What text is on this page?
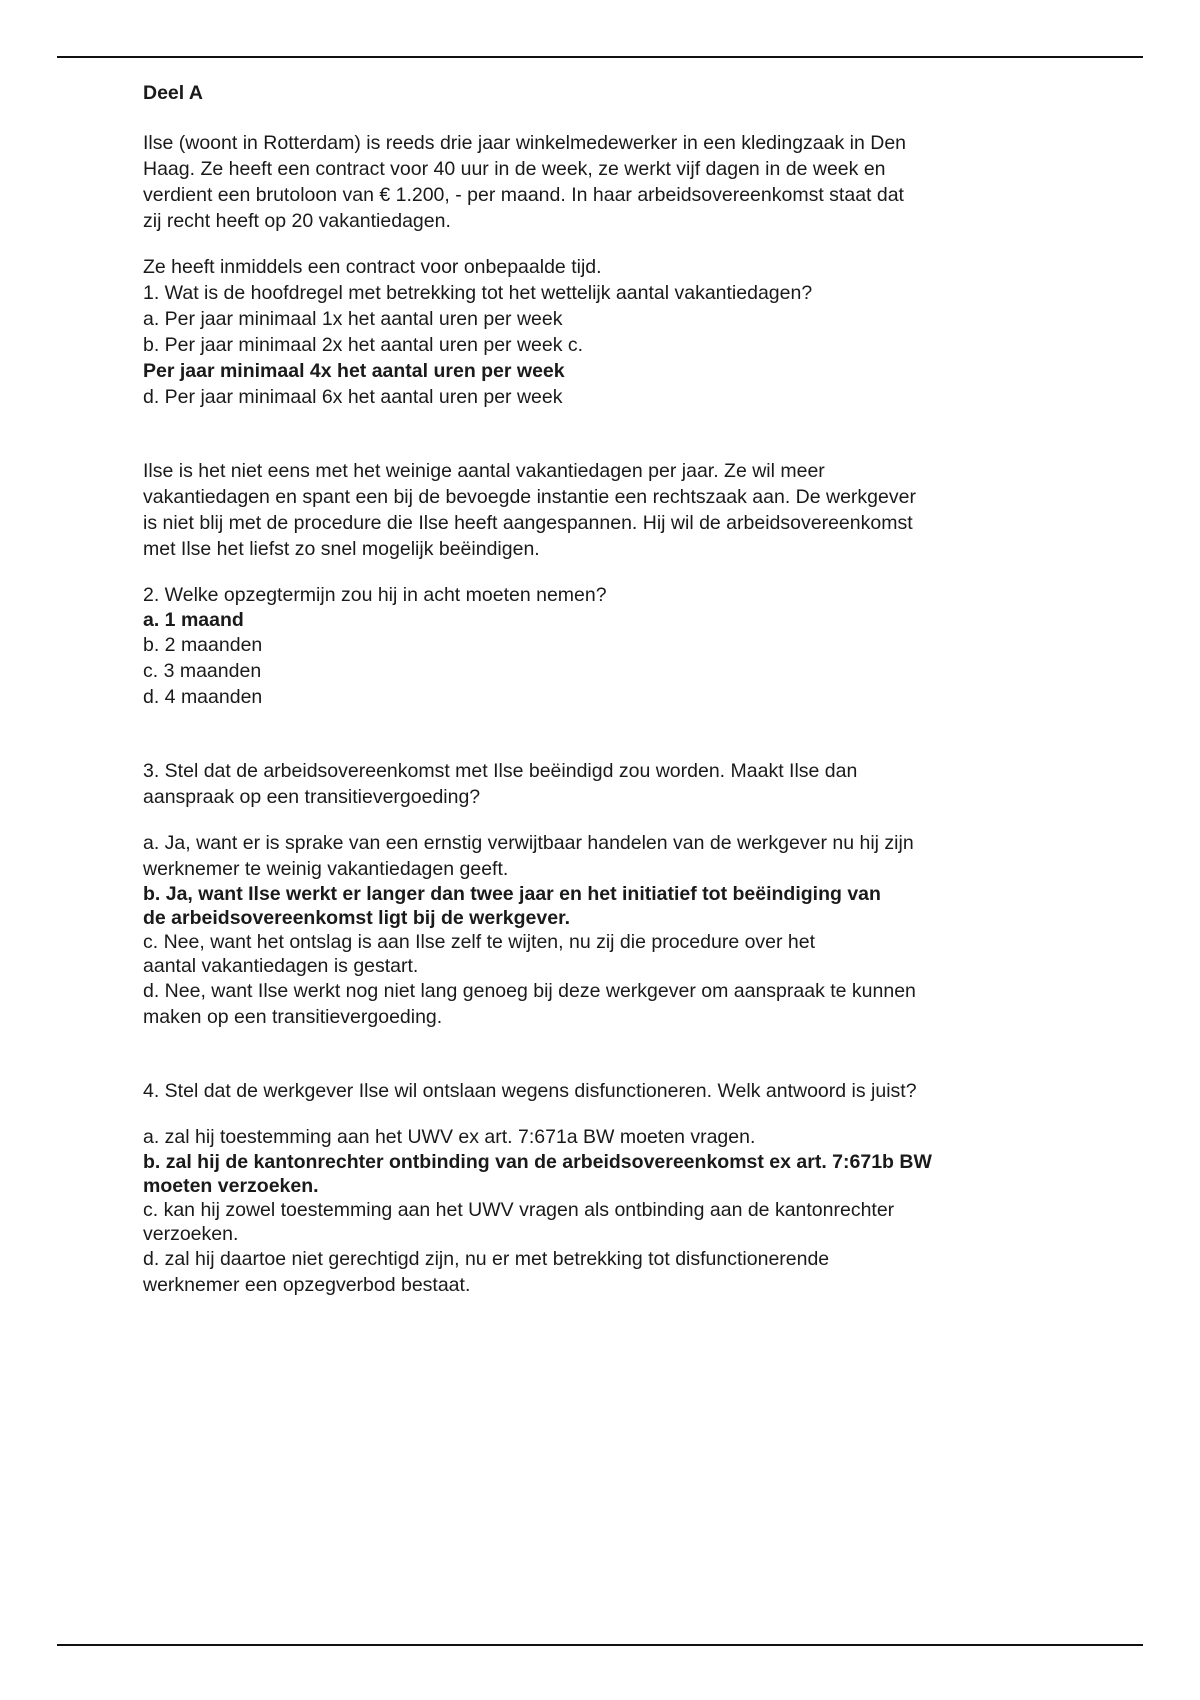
Deel A

Ilse (woont in Rotterdam) is reeds drie jaar winkelmedewerker in een kledingzaak in Den

Haag. Ze heeft een contract voor 40 uur in de week, ze werkt vijf dagen in de week en

verdient een brutoloon van € 1.200, - per maand. In haar arbeidsovereenkomst staat dat

zij recht heeft op 20 vakantiedagen.

Ze heeft inmiddels een contract voor onbepaalde tijd.

1. Wat is de hoofdregel met betrekking tot het wettelijk aantal vakantiedagen?

a. Per jaar minimaal 1x het aantal uren per week

b. Per jaar minimaal 2x het aantal uren per week c.

Per jaar minimaal 4x het aantal uren per week

d. Per jaar minimaal 6x het aantal uren per week

Ilse is het niet eens met het weinige aantal vakantiedagen per jaar. Ze wil meer

vakantiedagen en spant een bij de bevoegde instantie een rechtszaak aan. De werkgever

is niet blij met de procedure die Ilse heeft aangespannen. Hij wil de arbeidsovereenkomst

met Ilse het liefst zo snel mogelijk beëindigen.

2. Welke opzegtermijn zou hij in acht moeten nemen?

a. 1 maand

b. 2 maanden

c. 3 maanden

d. 4 maanden

3. Stel dat de arbeidsovereenkomst met Ilse beëindigd zou worden. Maakt Ilse dan

aanspraak op een transitievergoeding?

a. Ja, want er is sprake van een ernstig verwijtbaar handelen van de werkgever nu hij zijn

werknemer te weinig vakantiedagen geeft.

b. Ja, want Ilse werkt er langer dan twee jaar en het initiatief tot beëindiging van

de arbeidsovereenkomst ligt bij de werkgever.

c. Nee, want het ontslag is aan Ilse zelf te wijten, nu zij die procedure over het

aantal vakantiedagen is gestart.

d. Nee, want Ilse werkt nog niet lang genoeg bij deze werkgever om aanspraak te kunnen

maken op een transitievergoeding.

4. Stel dat de werkgever Ilse wil ontslaan wegens disfunctioneren. Welk antwoord is juist?

a. zal hij toestemming aan het UWV ex art. 7:671a BW moeten vragen.

b. zal hij de kantonrechter ontbinding van de arbeidsovereenkomst ex art. 7:671b BW

moeten verzoeken.

c. kan hij zowel toestemming aan het UWV vragen als ontbinding aan de kantonrechter

verzoeken.

d. zal hij daartoe niet gerechtigd zijn, nu er met betrekking tot disfunctionerende

werknemer een opzegverbod bestaat.
